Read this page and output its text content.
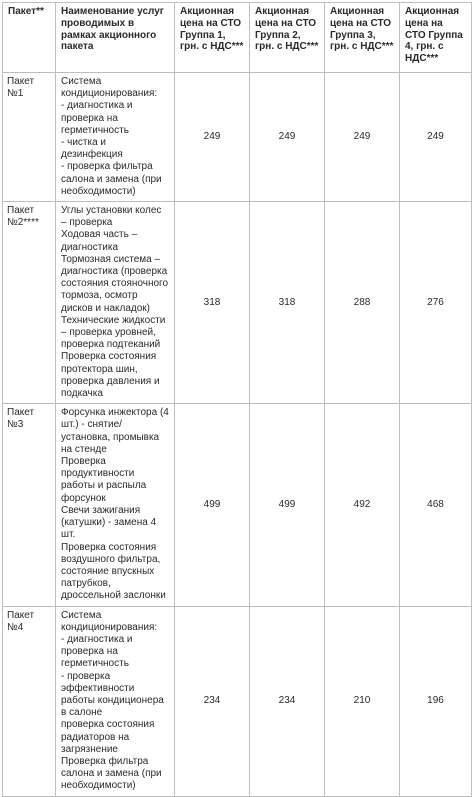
Пакет**	Наименование услуг проводимых в рамках акционного пакета	Акционная цена на СТО Группа 1, грн. с НДС***	Акционная цена на СТО Группа 2, грн. с НДС***	Акционная цена на СТО Группа 3, грн. с НДС***	Акционная цена на СТО Группа 4, грн. с НДС***
Пакет №1	Система кондиционирования:
- диагностика и проверка на герметичность
- чистка и дезинфекция
- проверка фильтра салона и замена (при необходимости)	249	249	249	249
Пакет №2****	Углы установки колес – проверка
Ходовая часть – диагностика
Тормозная система – диагностика (проверка состояния стояночного тормоза, осмотр дисков и накладок)
Технические жидкости – проверка уровней, проверка подтеканий
Проверка состояния протектора шин, проверка давления и подкачка	318	318	288	276
Пакет №3	Форсунка инжектора (4 шт.) - снятие/установка, промывка на стенде
Проверка продуктивности работы и распыла форсунок
Свечи зажигания (катушки) - замена 4 шт.
Проверка состояния воздушного фильтра, состояние впускных патрубков, дроссельной заслонки	499	499	492	468
Пакет №4	Система кондиционирования:
- диагностика и проверка на герметичность
- проверка эффективности работы кондиционера в салоне
проверка состояния радиаторов на загрязнение
Проверка фильтра салона и замена (при необходимости)	234	234	210	196
